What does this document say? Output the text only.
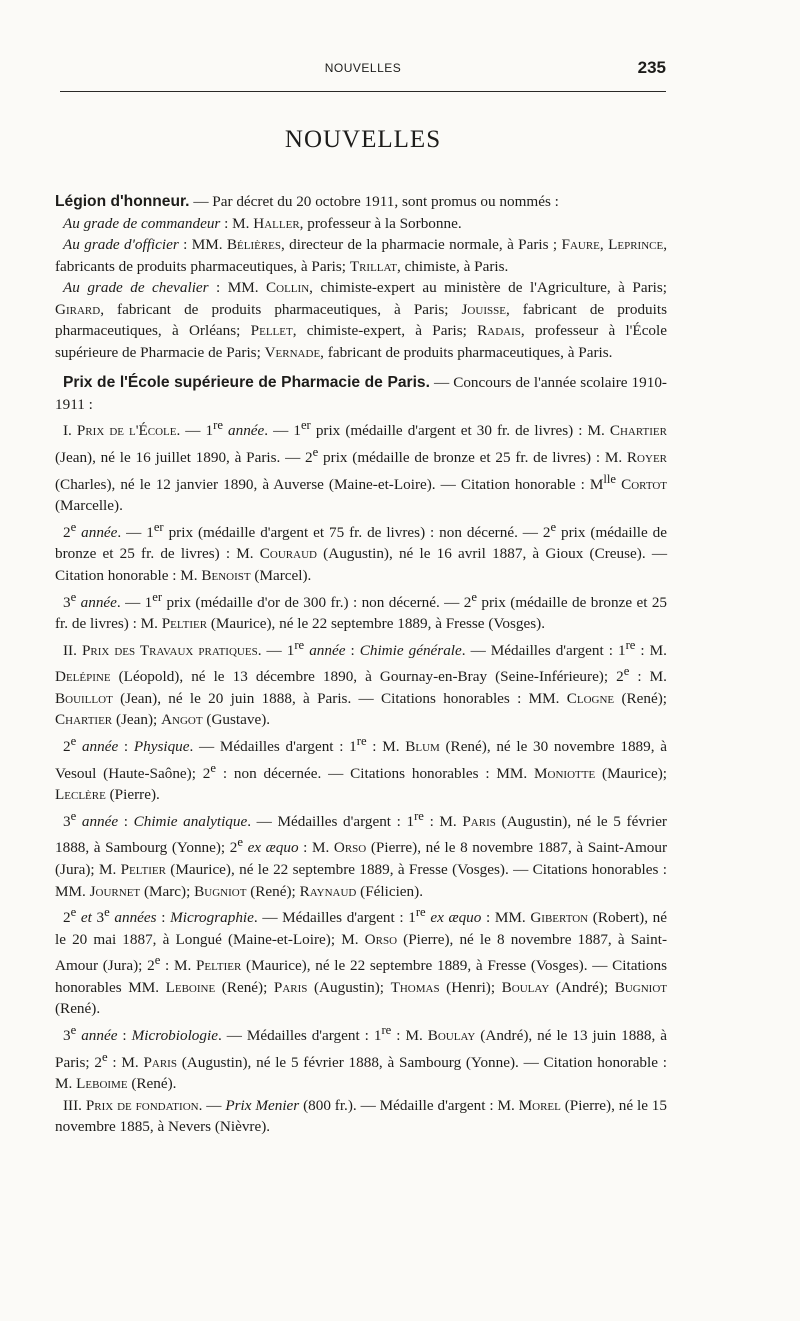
NOUVELLES	235
NOUVELLES

Légion d'honneur. — Par décret du 20 octobre 1911, sont promus ou nommés :

Au grade de commandeur : M. Haller, professeur à la Sorbonne.

Au grade d'officier : MM. Bélières, directeur de la pharmacie normale, à Paris ; Faure, Leprince, fabricants de produits pharmaceutiques, à Paris; Trillat, chimiste, à Paris.

Au grade de chevalier : MM. Collin, chimiste-expert au ministère de l'Agriculture, à Paris; Girard, fabricant de produits pharmaceutiques, à Paris; Jouisse, fabricant de produits pharmaceutiques, à Orléans; Pellet, chimiste-expert, à Paris; Radais, professeur à l'École supérieure de Pharmacie de Paris; Vernade, fabricant de produits pharmaceutiques, à Paris.

Prix de l'École supérieure de Pharmacie de Paris. — Concours de l'année scolaire 1910-1911 :

I. Prix de l'École. — 1re année. — 1er prix (médaille d'argent et 30 fr. de livres) : M. Chartier (Jean), né le 16 juillet 1890, à Paris. — 2e prix (médaille de bronze et 25 fr. de livres) : M. Royer (Charles), né le 12 janvier 1890, à Auverse (Maine-et-Loire). — Citation honorable : $M^{lle}$ Cortot (Marcelle).

2e année. — 1er prix (médaille d'argent et 75 fr. de livres) : non décerné. — 2e prix (médaille de bronze et 25 fr. de livres) : M. Couraud (Augustin), né le 16 avril 1887, à Gioux (Creuse). — Citation honorable : M. Benoist (Marcel).

3e année. — 1er prix (médaille d'or de 300 fr.) : non décerné. — 2e prix (médaille de bronze et 25 fr. de livres) : M. Peltier (Maurice), né le 22 septembre 1889, à Fresse (Vosges).

II. Prix des Travaux pratiques. — 1re année : Chimie générale. — Médailles d'argent : 1re : M. Delépine (Léopold), né le 13 décembre 1890, à Gournay-en-Bray (Seine-Inférieure); 2e : M. Bouillot (Jean), né le 20 juin 1888, à Paris. — Citations honorables : MM. Clogne (René); Chartier (Jean); Angot (Gustave).

2e année : Physique. — Médailles d'argent : 1re : M. Blum (René), né le 30 novembre 1889, à Vesoul (Haute-Saône); 2e : non décernée. — Citations honorables : MM. Moniotte (Maurice); Leclère (Pierre).

3e année : Chimie analytique. — Médailles d'argent : 1re : M. Paris (Augustin), né le 5 février 1888, à Sambourg (Yonne); 2e ex æquo : M. Orso (Pierre), né le 8 novembre 1887, à Saint-Amour (Jura); M. Peltier (Maurice), né le 22 septembre 1889, à Fresse (Vosges). — Citations honorables : MM. Journet (Marc); Bugniot (René); Raynaud (Félicien).

2e et 3e années : Micrographie. — Médailles d'argent : 1re ex æquo : MM. Giberton (Robert), né le 20 mai 1887, à Longué (Maine-et-Loire); M. Orso (Pierre), né le 8 novembre 1887, à Saint-Amour (Jura); 2e : M. Peltier (Maurice), né le 22 septembre 1889, à Fresse (Vosges). — Citations honorables MM. Leboine (René); Paris (Augustin); Thomas (Henri); Boulay (André); Bugniot (René).

3e année : Microbiologie. — Médailles d'argent : 1re : M. Boulay (André), né le 13 juin 1888, à Paris; 2e : M. Paris (Augustin), né le 5 février 1888, à Sambourg (Yonne). — Citation honorable : M. Leboime (René).

III. Prix de fondation. — Prix Menier (800 fr.). — Médaille d'argent : M. Morel (Pierre), né le 15 novembre 1885, à Nevers (Nièvre).
